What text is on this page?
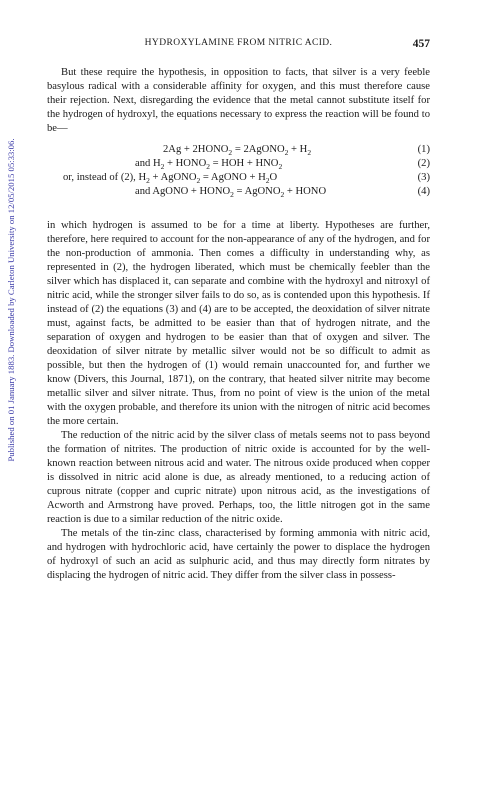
Published on 01 January 1883. Downloaded by Carleton University on 12/05/2015 05:33:06.
HYDROXYLAMINE FROM NITRIC ACID.	457

But these require the hypothesis, in opposition to facts, that silver is a very feeble basylous radical with a considerable affinity for oxygen, and this must therefore cause their rejection. Next, disregarding the evidence that the metal cannot substitute itself for the hydrogen of hydroxyl, the equations necessary to express the reaction will be found to be—

$2Ag + 2HONO_2$ = 2AgONO$_2$ + $H_2$	(1)
and $H_2$ + $HONO_2$ = HOH + $HNO_2$	(2)
or, instead of (2), $H_2$ + AgONO$_2$ = AgONO + $H_2O$	(3)
and AgONO + $HONO_2$ = AgONO$_2$ + HONO	(4)

in which hydrogen is assumed to be for a time at liberty. Hypotheses are further, therefore, here required to account for the non-appearance of any of the hydrogen, and for the non-production of ammonia. Then comes a difficulty in understanding why, as represented in (2), the hydrogen liberated, which must be chemically feebler than the silver which has displaced it, can separate and combine with the hydroxyl and nitroxyl of nitric acid, while the stronger silver fails to do so, as is contended upon this hypothesis. If instead of (2) the equations (3) and (4) are to be accepted, the deoxidation of silver nitrate must, against facts, be admitted to be easier than that of hydrogen nitrate, and the separation of oxygen and hydrogen to be easier than that of oxygen and silver. The deoxidation of silver nitrate by metallic silver would not be so difficult to admit as possible, but then the hydrogen of (1) would remain unaccounted for, and further we know (Divers, this Journal, 1871), on the contrary, that heated silver nitrite may become metallic silver and silver nitrate. Thus, from no point of view is the union of the metal with the oxygen probable, and therefore its union with the nitrogen of nitric acid becomes the more certain.

The reduction of the nitric acid by the silver class of metals seems not to pass beyond the formation of nitrites. The production of nitric oxide is accounted for by the well-known reaction between nitrous acid and water. The nitrous oxide produced when copper is dissolved in nitric acid alone is due, as already mentioned, to a reducing action of cuprous nitrate (copper and cupric nitrate) upon nitrous acid, as the investigations of Acworth and Armstrong have proved. Perhaps, too, the little nitrogen got in the same reaction is due to a similar reduction of the nitric oxide.

The metals of the tin-zinc class, characterised by forming ammonia with nitric acid, and hydrogen with hydrochloric acid, have certainly the power to displace the hydrogen of hydroxyl of such an acid as sulphuric acid, and thus may directly form nitrates by displacing the hydrogen of nitric acid. They differ from the silver class in possess-
